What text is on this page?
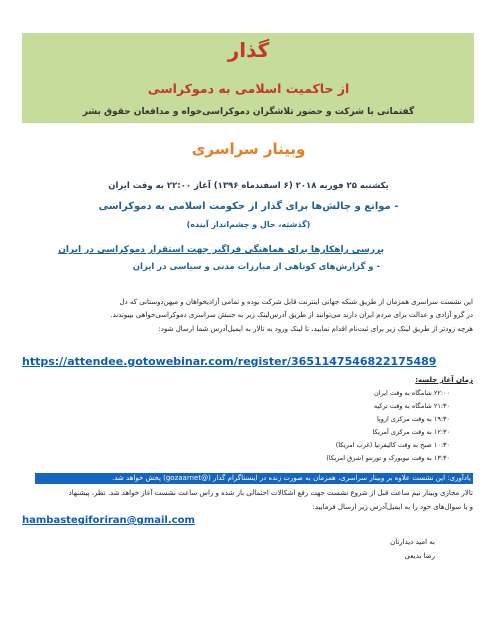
گذار
از حاکمیت اسلامی به دموکراسی
گفتمانی با شرکت و حضور تلاشگران دموکراسی‌خواه و مدافعان حقوق بشر
وبینار سراسری
یکشنبه ۲۵ فوریه ۲۰۱۸ (۶ اسفندماه ۱۳۹۶) آغاز ۲۲:۰۰ به وقت ایران
- موانع و چالش‌ها برای گذار از حکومت اسلامی به دموکراسی
(گذشته، حال و چشم‌انداز آینده)
بررسی راهکارها برای هماهنگی فراگیر جهت استقرار دموکراسی در ایران
- و گزارش‌های کوتاهی از مبارزات مدنی و سیاسی در ایران
این نشست سراسری همزمان از طریق شبکه جهانی اینترنت قابل شرکت بوده و تمامی آزادیخواهان و میهن‌دوستانی که دل
در گرو آزادی و عدالت برای مردم ایران دارند می‌توانند از طریق آدرس‌لینک زیر به جنبش سراسری دموکراسی‌خواهی بپیوندند.
هرچه زودتر از طریق لینک زیر برای ثبت‌نام اقدام نمایید، تا لینک ورود به تالار به ایمیل‌آدرس شما ارسال شود:
https://attendee.gotowebinar.com/register/3651147546822175489
زمان آغاز جلسه:
۲۲:۰۰ شامگاه به وقت ایران
۲۱:۳۰ شامگاه به وقت ترکیه
۱۹:۳۰ به وقت مرکزی اروپا
۱۲:۳۰ به وقت مرکزی آمریکا
۱۰:۳۰ صبح به وقت کالیفرنیا (غرب امریکا)
۱۳:۳۰ به وقت نیویورک و تورنتو (شرق امریکا)
یادآوری: این نشست علاوه بر وبینار سراسری، همزمان به صورت زنده در اینستاگرام گذار (@gozaarnet) پخش خواهد شد.
تالار مجازی وبینار نیم ساعت قبل از شروع نشست جهت رفع اشکالات احتمالی باز شده و راس ساعت نشست آغاز خواهد شد. نظر، پیشنهاد
و یا سوال‌های خود را به ایمیل‌آدرس زیر ارسال فرمایید:
hambastegiforiran@gmail.com
به امید دیدارتان
رضا بدیعی
